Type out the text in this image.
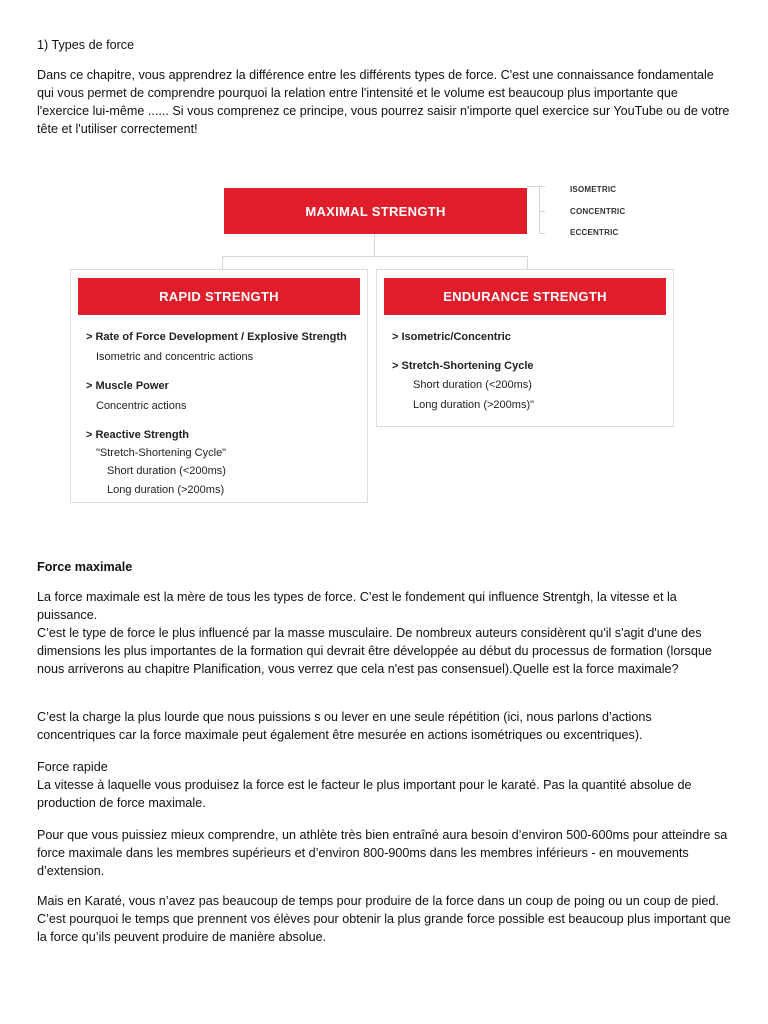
1) Types de force
Dans ce chapitre, vous apprendrez la différence entre les différents types de force. C'est une connaissance fondamentale qui vous permet de comprendre pourquoi la relation entre l'intensité et le volume est beaucoup plus importante que l'exercice lui-même ...... Si vous comprenez ce principe, vous pourrez saisir n'importe quel exercice sur YouTube ou de votre tête et l'utiliser correctement!
MAXIMAL STRENGTH
ISOMETRIC
CONCENTRIC
ECCENTRIC
RAPID STRENGTH
> Rate of Force Development / Explosive Strength
Isometric and concentric actions
> Muscle Power
Concentric actions
> Reactive Strength
"Stretch-Shortening Cycle"
Short duration (<200ms)
Long duration (>200ms)
ENDURANCE STRENGTH
> Isometric/Concentric
> Stretch-Shortening Cycle
Short duration (<200ms)
Long duration (>200ms)"
Force maximale
La force maximale est la mère de tous les types de force. C’est le fondement qui influence Strentgh, la vitesse et la puissance.
C’est le type de force le plus influencé par la masse musculaire. De nombreux auteurs considèrent qu'il s'agit d'une des dimensions les plus importantes de la formation qui devrait être développée au début du processus de formation (lorsque nous arriverons au chapitre Planification, vous verrez que cela n'est pas consensuel).Quelle est la force maximale?
C’est la charge la plus lourde que nous puissions s ou lever en une seule répétition (ici, nous parlons d’actions concentriques car la force maximale peut également être mesurée en actions isométriques ou excentriques).
Force rapide
La vitesse à laquelle vous produisez la force est le facteur le plus important pour le karaté. Pas la quantité absolue de production de force maximale.
Pour que vous puissiez mieux comprendre, un athlète très bien entraîné aura besoin d’environ 500-600ms pour atteindre sa force maximale dans les membres supérieurs et d’environ 800-900ms dans les membres inférieurs - en mouvements d’extension.
Mais en Karaté, vous n’avez pas beaucoup de temps pour produire de la force dans un coup de poing ou un coup de pied. C’est pourquoi le temps que prennent vos élèves pour obtenir la plus grande force possible est beaucoup plus important que la force qu’ils peuvent produire de manière absolue.
